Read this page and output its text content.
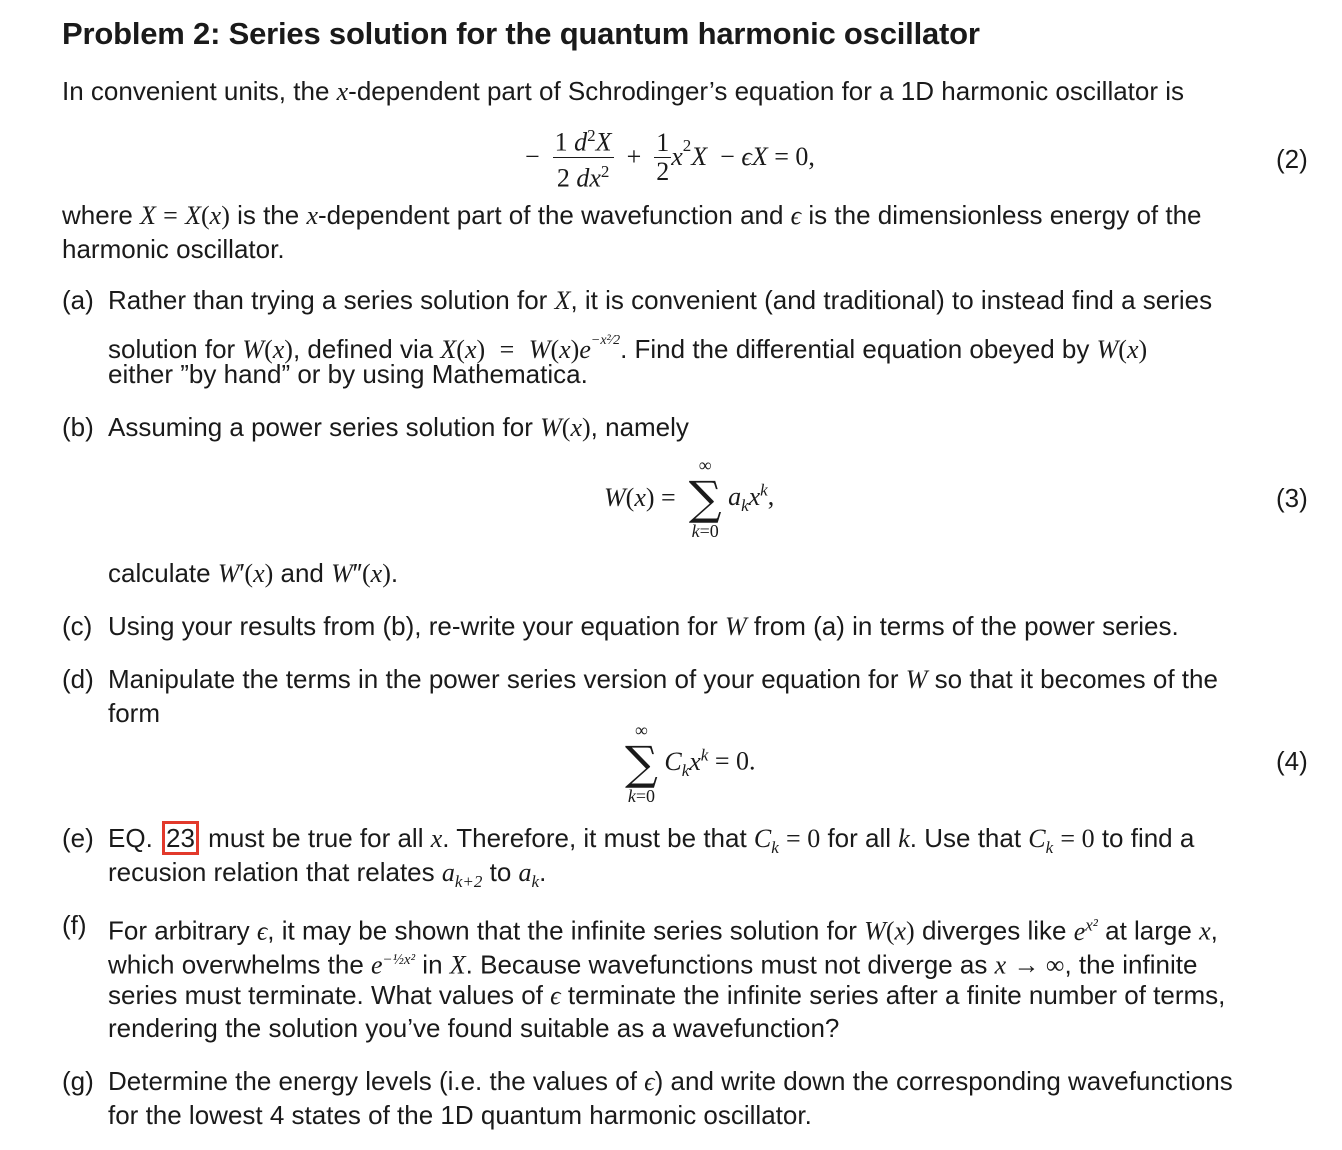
Problem 2: Series solution for the quantum harmonic oscillator
In convenient units, the x-dependent part of Schrodinger’s equation for a 1D harmonic oscillator is
− $\frac{1 d^2X}{2 dx^2} + \frac{1}{2} x^2X - \epsilon X = 0$,	(2)
where X = X(x) is the x-dependent part of the wavefunction and ϵ is the dimensionless energy of the
harmonic oscillator.
(a) Rather than trying a series solution for X, it is convenient (and traditional) to instead find a series
solution for W(x), defined via $X(x) = W(x)e^{-x^2⁄2}$. Find the differential equation obeyed by W(x)
either ”by hand” or by using Mathematica.
(b) Assuming a power series solution for W(x), namely
W(x) =
∞
∑
k=0
$a_kx^k$,	(3)
calculate W′(x) and W″(x).
(c) Using your results from (b), re-write your equation for W from (a) in terms of the power series.
(d) Manipulate the terms in the power series version of your equation for W so that it becomes of the
form
∞
∑
k=0
$C_kx^k = 0$.	(4)
(e) EQ. 23 must be true for all x. Therefore, it must be that $C_k = 0$ for all k. Use that $C_k = 0$ to find a
recusion relation that relates $a_{k+2}$ to $a_k$.
(f) For arbitrary ϵ, it may be shown that the infinite series solution for W(x) diverges like $e^{x^2}$ at large x,
which overwhelms the $e^{-\frac{1}{2}x^2}$ in X. Because wavefunctions must not diverge as x → ∞, the infinite
series must terminate. What values of ϵ terminate the infinite series after a finite number of terms,
rendering the solution you’ve found suitable as a wavefunction?
(g) Determine the energy levels (i.e. the values of ϵ) and write down the corresponding wavefunctions
for the lowest 4 states of the 1D quantum harmonic oscillator.
